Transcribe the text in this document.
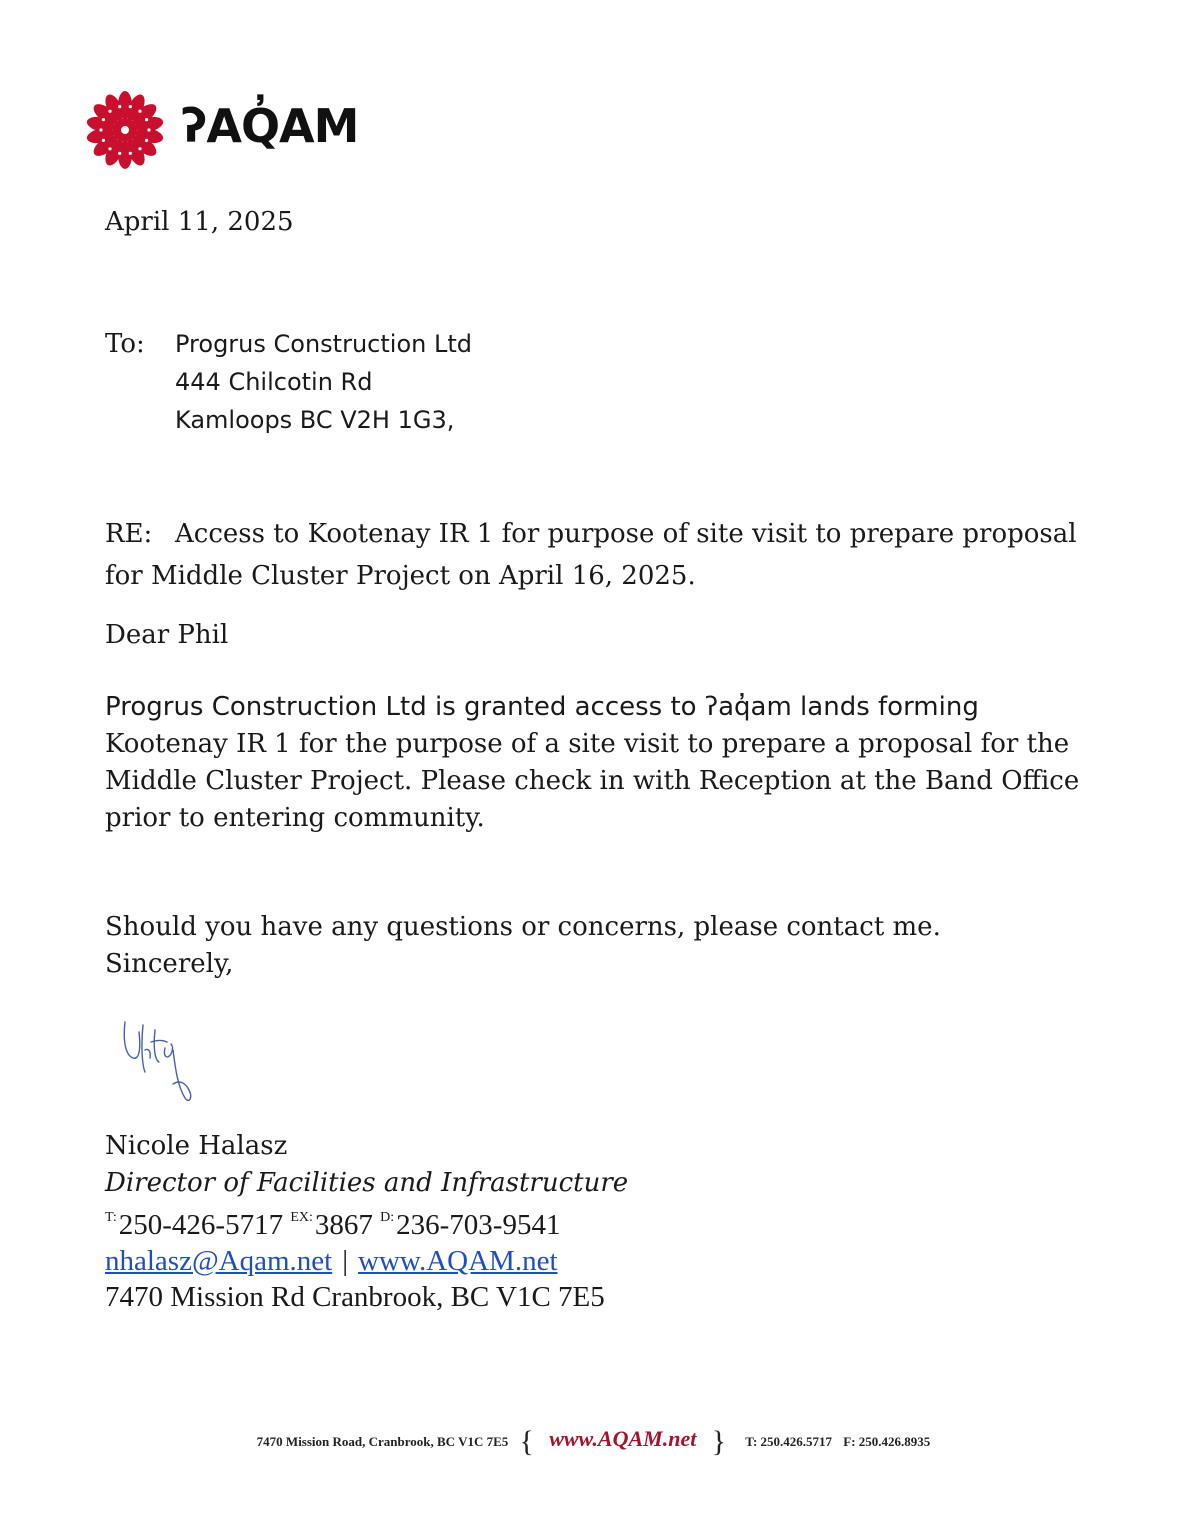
ʔAQ̓AM
April 11, 2025
To: Progrus Construction Ltd
444 Chilcotin Rd
Kamloops BC V2H 1G3,
RE: Access to Kootenay IR 1 for purpose of site visit to prepare proposal
for Middle Cluster Project on April 16, 2025.
Dear Phil
Progrus Construction Ltd is granted access to ʔaq̓am lands forming
Kootenay IR 1 for the purpose of a site visit to prepare a proposal for the
Middle Cluster Project. Please check in with Reception at the Band Office
prior to entering community.
Should you have any questions or concerns, please contact me.
Sincerely,
Nicole Halasz
Director of Facilities and Infrastructure
$^{T:}$250-426-5717 $^{EX:}$3867 $^{D:}$236-703-9541
nhalasz@Aqam.net | www.AQAM.net
7470 Mission Rd Cranbrook, BC V1C 7E5
7470 Mission Road, Cranbrook, BC V1C 7E5 { www.AQAM.net } T: 250.426.5717 F: 250.426.8935
